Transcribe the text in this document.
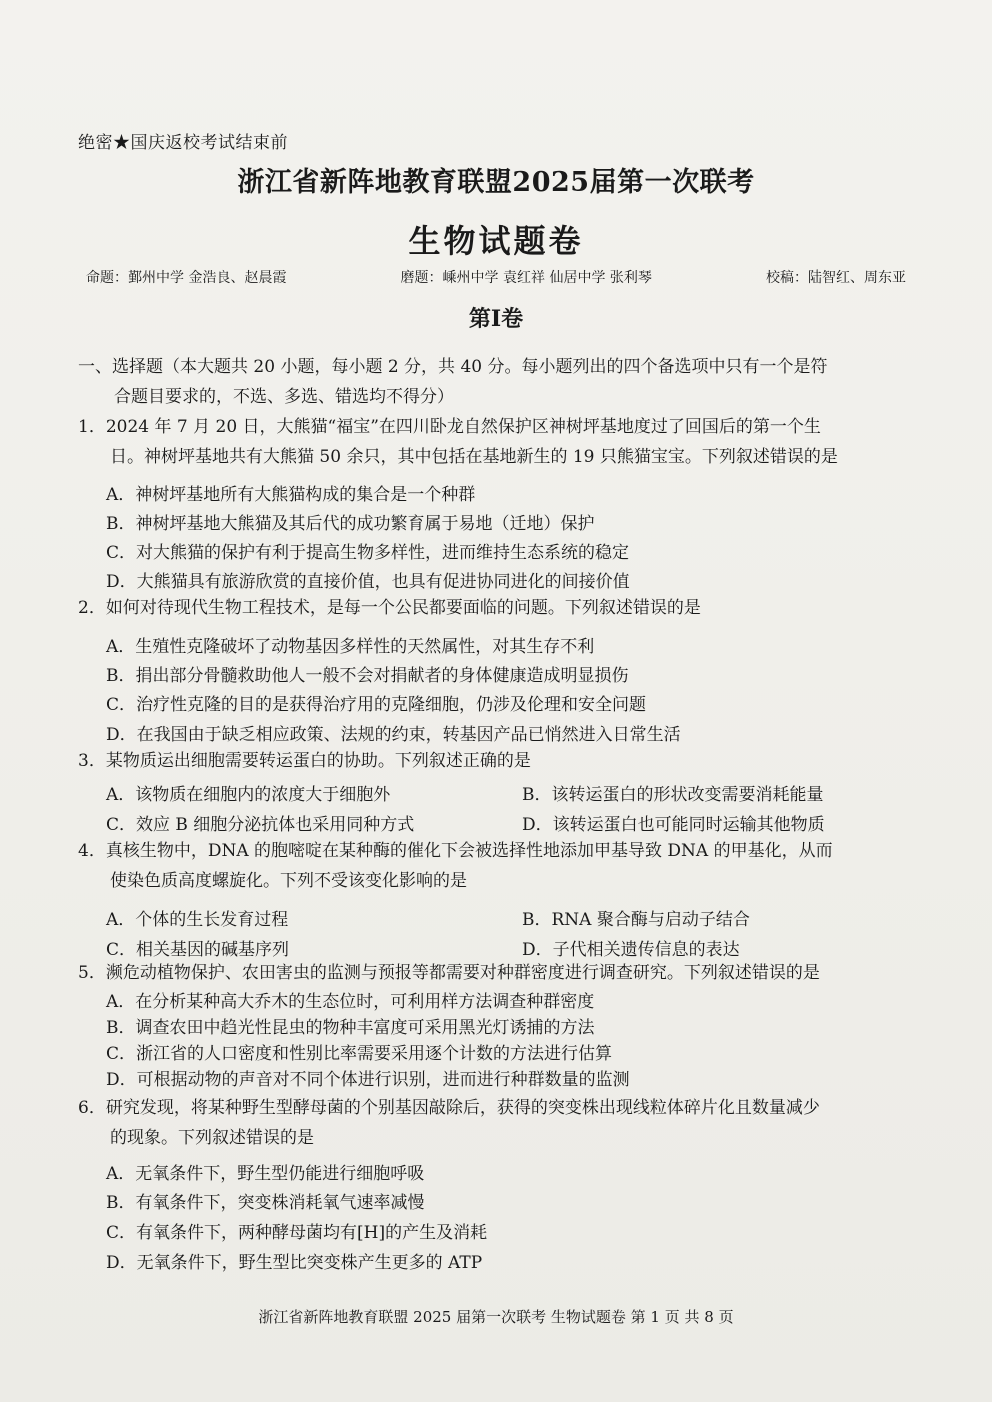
绝密★国庆返校考试结束前
浙江省新阵地教育联盟2025届第一次联考
生物试题卷
命题：鄞州中学 金浩良、赵晨霞	磨题：嵊州中学 袁红祥 仙居中学 张利琴	校稿：陆智红、周东亚
第Ⅰ卷
一、选择题（本大题共 20 小题，每小题 2 分，共 40 分。每小题列出的四个备选项中只有一个是符
合题目要求的，不选、多选、错选均不得分）
1．2024 年 7 月 20 日，大熊猫“福宝”在四川卧龙自然保护区神树坪基地度过了回国后的第一个生
日。神树坪基地共有大熊猫 50 余只，其中包括在基地新生的 19 只熊猫宝宝。下列叙述错误的是
A．神树坪基地所有大熊猫构成的集合是一个种群
B．神树坪基地大熊猫及其后代的成功繁育属于易地（迁地）保护
C．对大熊猫的保护有利于提高生物多样性，进而维持生态系统的稳定
D．大熊猫具有旅游欣赏的直接价值，也具有促进协同进化的间接价值
2．如何对待现代生物工程技术，是每一个公民都要面临的问题。下列叙述错误的是
A．生殖性克隆破坏了动物基因多样性的天然属性，对其生存不利
B．捐出部分骨髓救助他人一般不会对捐献者的身体健康造成明显损伤
C．治疗性克隆的目的是获得治疗用的克隆细胞，仍涉及伦理和安全问题
D．在我国由于缺乏相应政策、法规的约束，转基因产品已悄然进入日常生活
3．某物质运出细胞需要转运蛋白的协助。下列叙述正确的是
A．该物质在细胞内的浓度大于细胞外	B．该转运蛋白的形状改变需要消耗能量
C．效应 B 细胞分泌抗体也采用同种方式	D．该转运蛋白也可能同时运输其他物质
4．真核生物中，DNA 的胞嘧啶在某种酶的催化下会被选择性地添加甲基导致 DNA 的甲基化，从而
使染色质高度螺旋化。下列不受该变化影响的是
A．个体的生长发育过程	B．RNA 聚合酶与启动子结合
C．相关基因的碱基序列	D．子代相关遗传信息的表达
5．濒危动植物保护、农田害虫的监测与预报等都需要对种群密度进行调查研究。下列叙述错误的是
A．在分析某种高大乔木的生态位时，可利用样方法调查种群密度
B．调查农田中趋光性昆虫的物种丰富度可采用黑光灯诱捕的方法
C．浙江省的人口密度和性别比率需要采用逐个计数的方法进行估算
D．可根据动物的声音对不同个体进行识别，进而进行种群数量的监测
6．研究发现，将某种野生型酵母菌的个别基因敲除后，获得的突变株出现线粒体碎片化且数量减少
的现象。下列叙述错误的是
A．无氧条件下，野生型仍能进行细胞呼吸
B．有氧条件下，突变株消耗氧气速率减慢
C．有氧条件下，两种酵母菌均有[H]的产生及消耗
D．无氧条件下，野生型比突变株产生更多的 ATP
浙江省新阵地教育联盟 2025 届第一次联考 生物试题卷 第 1 页 共 8 页
